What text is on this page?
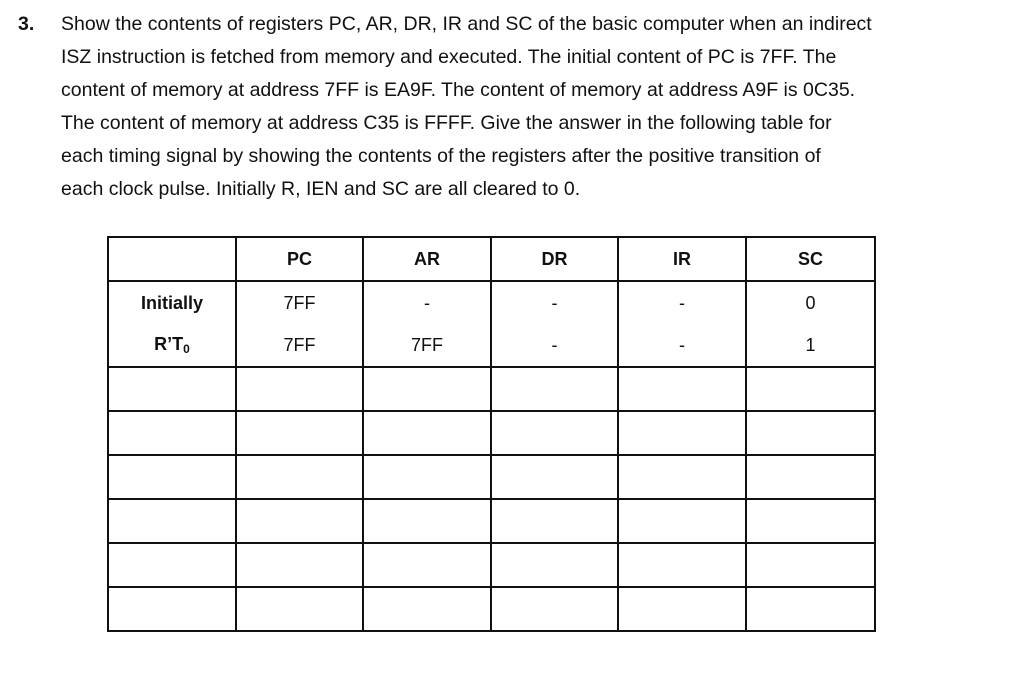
3. Show the contents of registers PC, AR, DR, IR and SC of the basic computer when an indirect
ISZ instruction is fetched from memory and executed. The initial content of PC is 7FF. The
content of memory at address 7FF is EA9F. The content of memory at address A9F is 0C35.
The content of memory at address C35 is FFFF. Give the answer in the following table for
each timing signal by showing the contents of the registers after the positive transition of
each clock pulse. Initially R, IEN and SC are all cleared to 0.
	PC	AR	DR	IR	SC
Initially	7FF	-	-	-	0
$R’T_0$	7FF	7FF	-	-	1
